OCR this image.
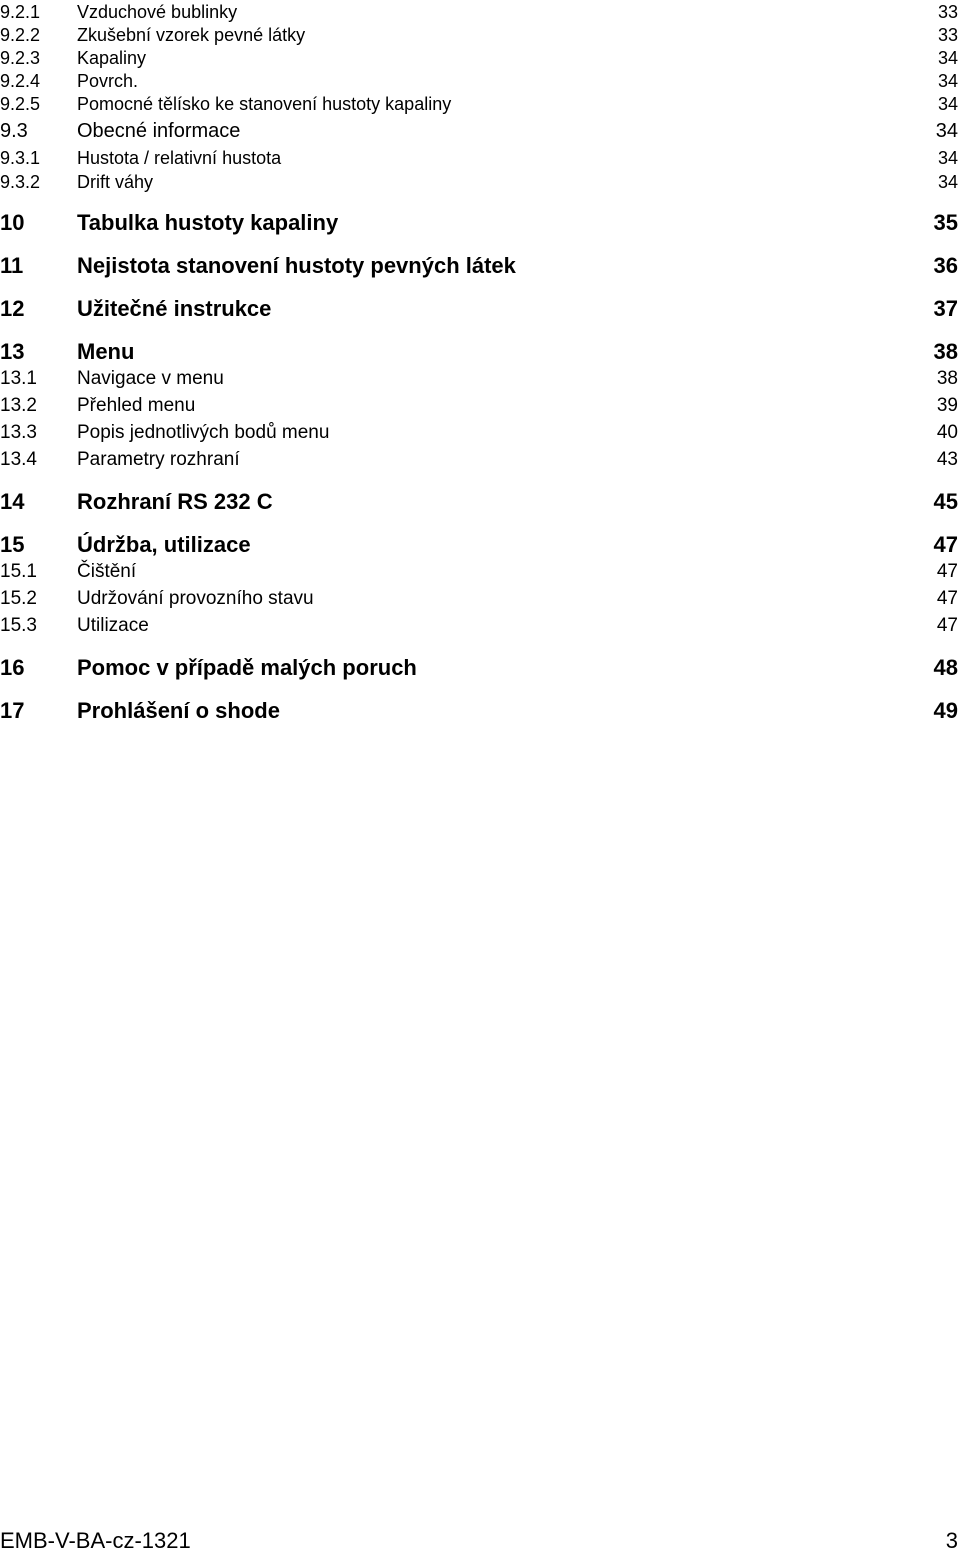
9.2.1	Vzduchové bublinky	33
9.2.2	Zkušební vzorek pevné látky	33
9.2.3	Kapaliny	34
9.2.4	Povrch.	34
9.2.5	Pomocné tělísko ke stanovení hustoty kapaliny	34
9.3	Obecné informace	34
9.3.1	Hustota / relativní hustota	34
9.3.2	Drift váhy	34
10	Tabulka hustoty kapaliny	35
11	Nejistota stanovení hustoty pevných látek	36
12	Užitečné instrukce	37
13	Menu	38
13.1	Navigace v menu	38
13.2	Přehled menu	39
13.3	Popis jednotlivých bodů menu	40
13.4	Parametry rozhraní	43
14	Rozhraní RS 232 C	45
15	Údržba, utilizace	47
15.1	Čištění	47
15.2	Udržování provozního stavu	47
15.3	Utilizace	47
16	Pomoc v případě malých poruch	48
17	Prohlášení o shode	49
EMB-V-BA-cz-1321	3
